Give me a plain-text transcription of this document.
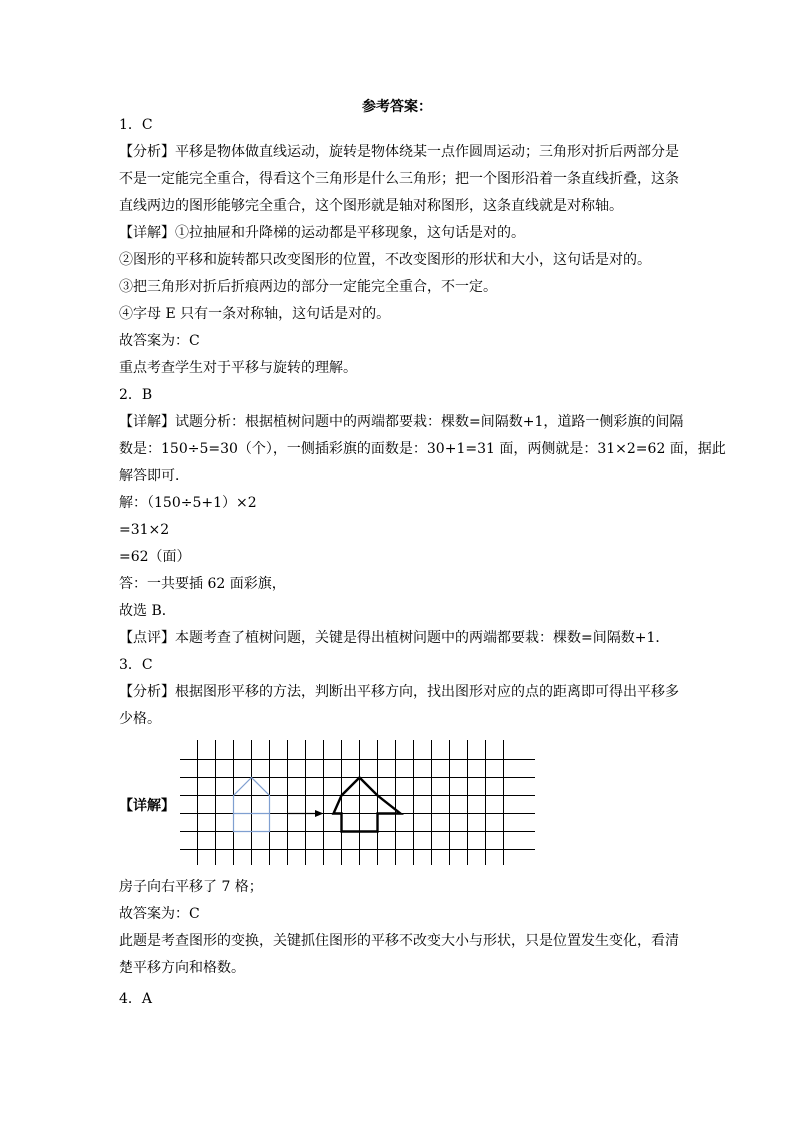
参考答案：
1．C
【分析】平移是物体做直线运动，旋转是物体绕某一点作圆周运动；三角形对折后两部分是
不是一定能完全重合，得看这个三角形是什么三角形；把一个图形沿着一条直线折叠，这条
直线两边的图形能够完全重合，这个图形就是轴对称图形，这条直线就是对称轴。
【详解】①拉抽屉和升降梯的运动都是平移现象，这句话是对的。
②图形的平移和旋转都只改变图形的位置，不改变图形的形状和大小，这句话是对的。
③把三角形对折后折痕两边的部分一定能完全重合，不一定。
④字母 E 只有一条对称轴，这句话是对的。
故答案为：C
重点考查学生对于平移与旋转的理解。
2．B
【详解】试题分析：根据植树问题中的两端都要栽：棵数=间隔数+1，道路一侧彩旗的间隔
数是：150÷5=30（个），一侧插彩旗的面数是：30+1=31 面，两侧就是：31×2=62 面，据此
解答即可．
解：（150÷5+1）×2
=31×2
=62（面）
答：一共要插 62 面彩旗，
故选 B．
【点评】本题考查了植树问题，关键是得出植树问题中的两端都要栽：棵数=间隔数+1．
3．C
【分析】根据图形平移的方法，判断出平移方向，找出图形对应的点的距离即可得出平移多
少格。
【详解】
房子向右平移了 7 格；
故答案为：C
此题是考查图形的变换，关键抓住图形的平移不改变大小与形状，只是位置发生变化，看清
楚平移方向和格数。
4．A
